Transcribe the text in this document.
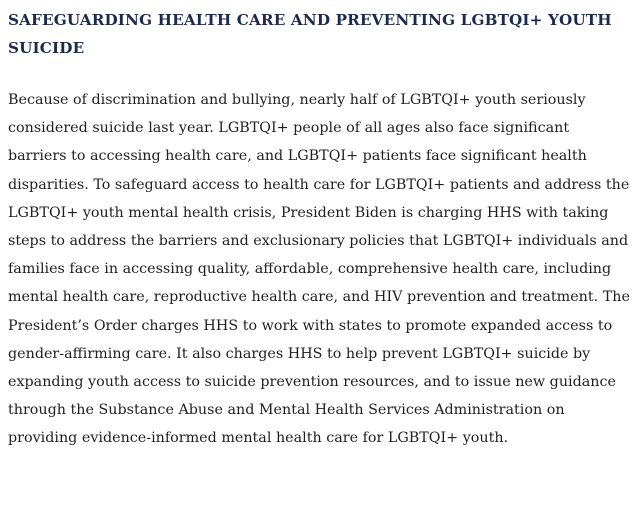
SAFEGUARDING HEALTH CARE AND PREVENTING LGBTQI+ YOUTH SUICIDE

Because of discrimination and bullying, nearly half of LGBTQI+ youth seriously considered suicide last year. LGBTQI+ people of all ages also face significant barriers to accessing health care, and LGBTQI+ patients face significant health disparities. To safeguard access to health care for LGBTQI+ patients and address the LGBTQI+ youth mental health crisis, President Biden is charging HHS with taking steps to address the barriers and exclusionary policies that LGBTQI+ individuals and families face in accessing quality, affordable, comprehensive health care, including mental health care, reproductive health care, and HIV prevention and treatment. The President’s Order charges HHS to work with states to promote expanded access to gender-affirming care. It also charges HHS to help prevent LGBTQI+ suicide by expanding youth access to suicide prevention resources, and to issue new guidance through the Substance Abuse and Mental Health Services Administration on providing evidence-informed mental health care for LGBTQI+ youth.
